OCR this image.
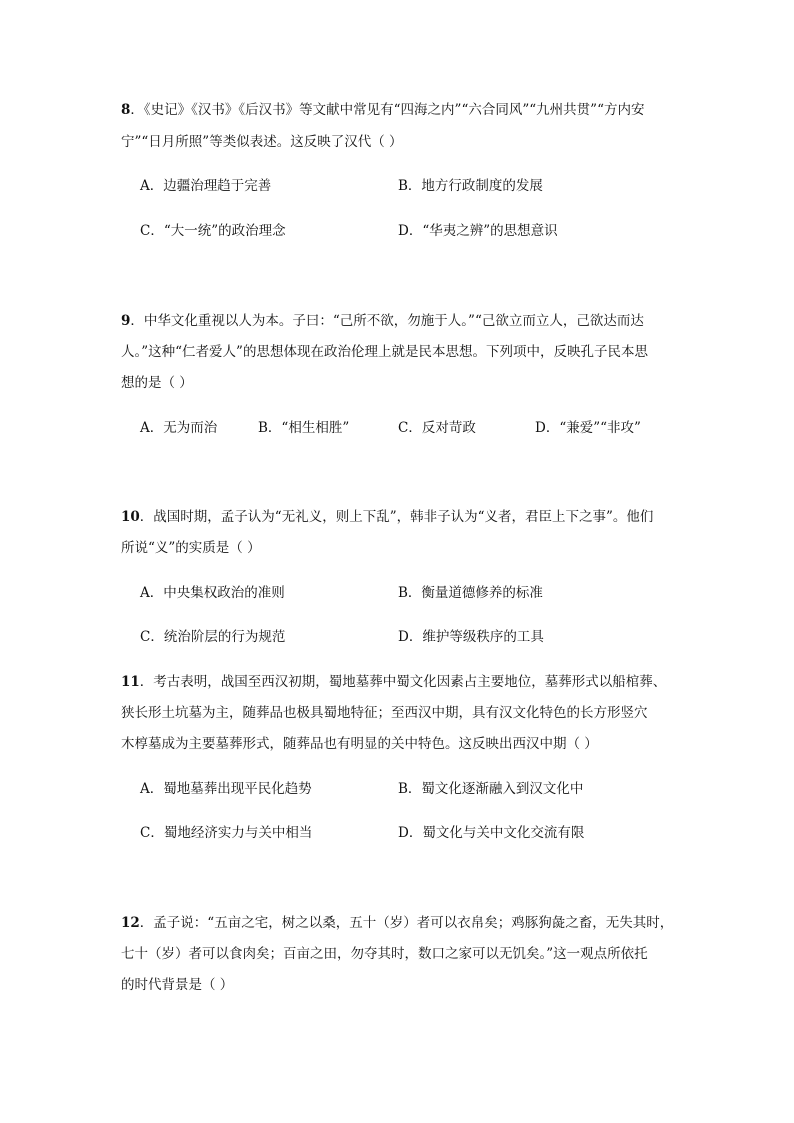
8．《史记》《汉书》《后汉书》等文献中常见有“四海之内”“六合同风”“九州共贯”“方内安
宁”“日月所照”等类似表述。这反映了汉代（ ）
A．边疆治理趋于完善	B．地方行政制度的发展
C．“大一统”的政治理念	D．“华夷之辨”的思想意识
9．中华文化重视以人为本。子曰：“己所不欲，勿施于人。”“己欲立而立人，己欲达而达
人。”这种“仁者爱人”的思想体现在政治伦理上就是民本思想。下列项中，反映孔子民本思
想的是（ ）
A．无为而治	B．“相生相胜”	C．反对苛政	D．“兼爱”“非攻”
10．战国时期，孟子认为“无礼义，则上下乱”，韩非子认为“义者，君臣上下之事”。他们
所说“义”的实质是（ ）
A．中央集权政治的准则	B．衡量道德修养的标准
C．统治阶层的行为规范	D．维护等级秩序的工具
11．考古表明，战国至西汉初期，蜀地墓葬中蜀文化因素占主要地位，墓葬形式以船棺葬、
狭长形土坑墓为主，随葬品也极具蜀地特征；至西汉中期，具有汉文化特色的长方形竖穴
木椁墓成为主要墓葬形式，随葬品也有明显的关中特色。这反映出西汉中期（ ）
A．蜀地墓葬出现平民化趋势	B．蜀文化逐渐融入到汉文化中
C．蜀地经济实力与关中相当	D．蜀文化与关中文化交流有限
12．孟子说：“五亩之宅，树之以桑，五十（岁）者可以衣帛矣；鸡豚狗彘之畜，无失其时，
七十（岁）者可以食肉矣；百亩之田，勿夺其时，数口之家可以无饥矣。”这一观点所依托
的时代背景是（ ）
